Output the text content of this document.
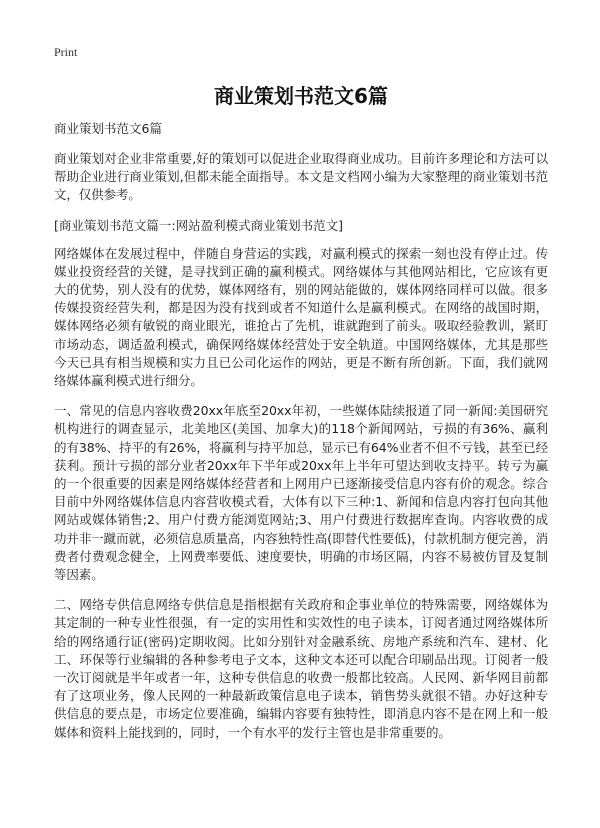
Print

商业策划书范文6篇

商业策划书范文6篇

商业策划对企业非常重要,好的策划可以促进企业取得商业成功。目前许多理论和方法可以帮助企业进行商业策划,但都未能全面指导。本文是文档网小编为大家整理的商业策划书范文，仅供参考。

[商业策划书范文篇一:网站盈利模式商业策划书范文]

网络媒体在发展过程中，伴随自身营运的实践，对赢利模式的探索一刻也没有停止过。传媒业投资经营的关键，是寻找到正确的赢利模式。网络媒体与其他网站相比，它应该有更大的优势，别人没有的优势，媒体网络有，别的网站能做的，媒体网络同样可以做。很多传媒投资经营失利，都是因为没有找到或者不知道什么是赢利模式。在网络的战国时期，媒体网络必须有敏锐的商业眼光，谁抢占了先机，谁就跑到了前头。吸取经验教训，紧盯市场动态，调适盈利模式，确保网络媒体经营处于安全轨道。中国网络媒体，尤其是那些今天已具有相当规模和实力且已公司化运作的网站，更是不断有所创新。下面，我们就网络媒体赢利模式进行细分。

一、常见的信息内容收费20xx年底至20xx年初，一些媒体陆续报道了同一新闻:美国研究机构进行的调查显示，北美地区(美国、加拿大)的118个新闻网站，亏损的有36%、赢利的有38%、持平的有26%，将赢利与持平加总，显示已有64%业者不但不亏钱，甚至已经获利。预计亏损的部分业者20xx年下半年或20xx年上半年可望达到收支持平。转亏为赢的一个很重要的因素是网络媒体经营者和上网用户已逐渐接受信息内容有价的观念。综合目前中外网络媒体信息内容营收模式看，大体有以下三种:1、新闻和信息内容打包向其他网站或媒体销售;2、用户付费方能浏览网站;3、用户付费进行数据库查询。内容收费的成功并非一蹴而就，必须信息质量高，内容独特性高(即替代性要低)，付款机制方便完善，消费者付费观念健全，上网费率要低、速度要快，明确的市场区隔，内容不易被仿冒及复制等因素。

二、网络专供信息网络专供信息是指根据有关政府和企事业单位的特殊需要，网络媒体为其定制的一种专业性很强，有一定的实用性和实效性的电子读本，订阅者通过网络媒体所给的网络通行证(密码)定期收阅。比如分别针对金融系统、房地产系统和汽车、建材、化工、环保等行业编辑的各种参考电子文本，这种文本还可以配合印刷品出现。订阅者一般一次订阅就是半年或者一年，这种专供信息的收费一般都比较高。人民网、新华网目前都有了这项业务，像人民网的一种最新政策信息电子读本，销售势头就很不错。办好这种专供信息的要点是，市场定位要准确，编辑内容要有独特性，即消息内容不是在网上和一般媒体和资料上能找到的，同时，一个有水平的发行主管也是非常重要的。
